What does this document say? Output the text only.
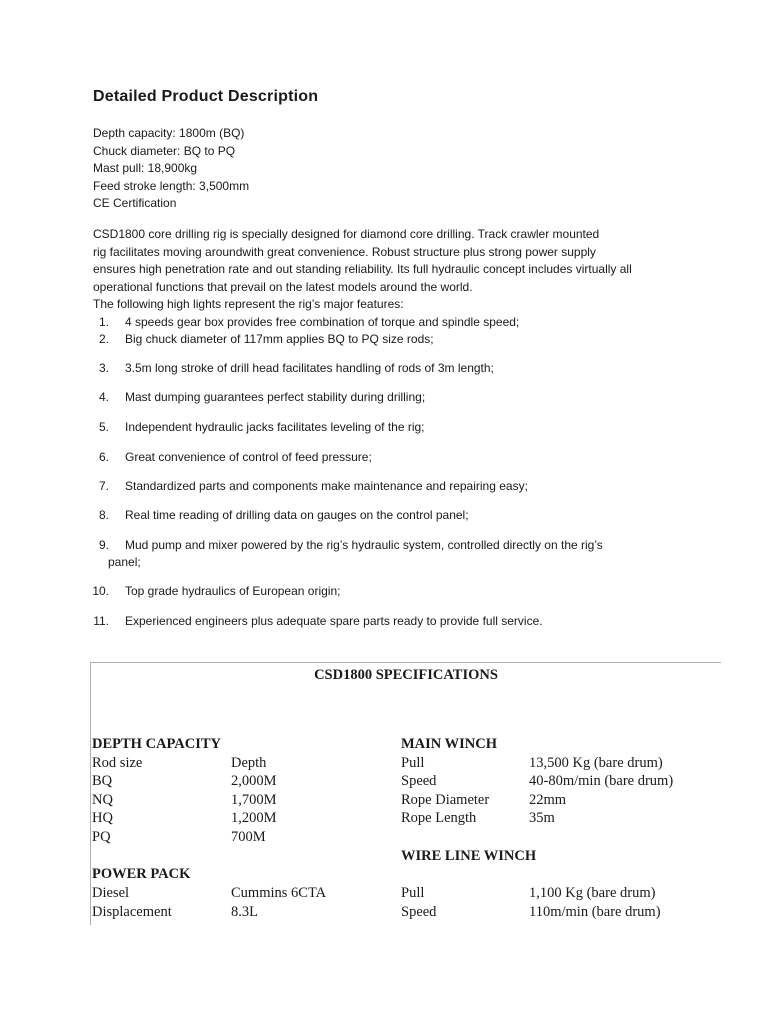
Detailed Product Description
Depth capacity: 1800m (BQ)
Chuck diameter: BQ to PQ
Mast pull: 18,900kg
Feed stroke length: 3,500mm
CE Certification
CSD1800 core drilling rig is specially designed for diamond core drilling. Track crawler mounted
rig facilitates moving aroundwith great convenience. Robust structure plus strong power supply
ensures high penetration rate and out standing reliability. Its full hydraulic concept includes virtually all
operational functions that prevail on the latest models around the world.
The following high lights represent the rig’s major features:
1. 4 speeds gear box provides free combination of torque and spindle speed;
2. Big chuck diameter of 117mm applies BQ to PQ size rods;
3. 3.5m long stroke of drill head facilitates handling of rods of 3m length;
4. Mast dumping guarantees perfect stability during drilling;
5. Independent hydraulic jacks facilitates leveling of the rig;
6. Great convenience of control of feed pressure;
7. Standardized parts and components make maintenance and repairing easy;
8. Real time reading of drilling data on gauges on the control panel;
9. Mud pump and mixer powered by the rig’s hydraulic system, controlled directly on the rig’s
panel;
10. Top grade hydraulics of European origin;
11. Experienced engineers plus adequate spare parts ready to provide full service.
CSD1800 SPECIFICATIONS
DEPTH CAPACITY
Rod size	Depth
BQ	2,000M
NQ	1,700M
HQ	1,200M
PQ	700M
POWER PACK
Diesel	Cummins 6CTA
Displacement	8.3L
MAIN WINCH
Pull	13,500 Kg (bare drum)
Speed	40-80m/min (bare drum)
Rope Diameter	22mm
Rope Length	35m
WIRE LINE WINCH
Pull	1,100 Kg (bare drum)
Speed	110m/min (bare drum)
